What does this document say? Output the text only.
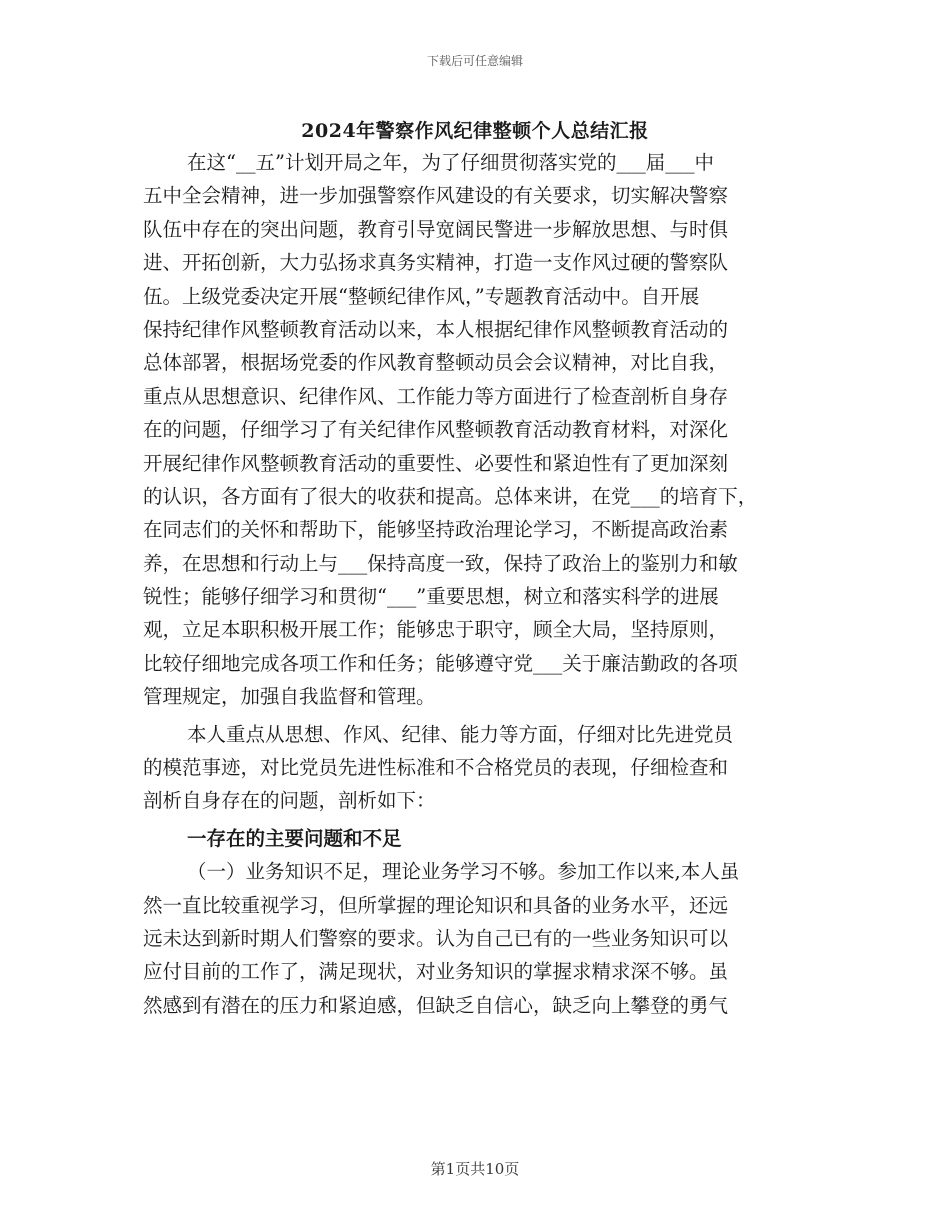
下载后可任意编辑
2024年警察作风纪律整顿个人总结汇报
在这“__五”计划开局之年，为了仔细贯彻落实党的___届___中
五中全会精神，进一步加强警察作风建设的有关要求，切实解决警察
队伍中存在的突出问题，教育引导宽阔民警进一步解放思想、与时俱
进、开拓创新，大力弘扬求真务实精神，打造一支作风过硬的警察队
伍。上级党委决定开展“整顿纪律作风，”专题教育活动中。自开展
保持纪律作风整顿教育活动以来，本人根据纪律作风整顿教育活动的
总体部署，根据场党委的作风教育整顿动员会会议精神，对比自我，
重点从思想意识、纪律作风、工作能力等方面进行了检查剖析自身存
在的问题，仔细学习了有关纪律作风整顿教育活动教育材料，对深化
开展纪律作风整顿教育活动的重要性、必要性和紧迫性有了更加深刻
的认识，各方面有了很大的收获和提高。总体来讲，在党___的培育下，
在同志们的关怀和帮助下，能够坚持政治理论学习，不断提高政治素
养，在思想和行动上与___保持高度一致，保持了政治上的鉴别力和敏
锐性；能够仔细学习和贯彻“___”重要思想，树立和落实科学的进展
观，立足本职积极开展工作；能够忠于职守，顾全大局，坚持原则，
比较仔细地完成各项工作和任务；能够遵守党___关于廉洁勤政的各项
管理规定，加强自我监督和管理。
本人重点从思想、作风、纪律、能力等方面，仔细对比先进党员
的模范事迹，对比党员先进性标准和不合格党员的表现，仔细检查和
剖析自身存在的问题，剖析如下：
一存在的主要问题和不足
（一）业务知识不足，理论业务学习不够。参加工作以来,本人虽
然一直比较重视学习，但所掌握的理论知识和具备的业务水平，还远
远未达到新时期人们警察的要求。认为自己已有的一些业务知识可以
应付目前的工作了，满足现状，对业务知识的掌握求精求深不够。虽
然感到有潜在的压力和紧迫感，但缺乏自信心，缺乏向上攀登的勇气
第1页共10页
